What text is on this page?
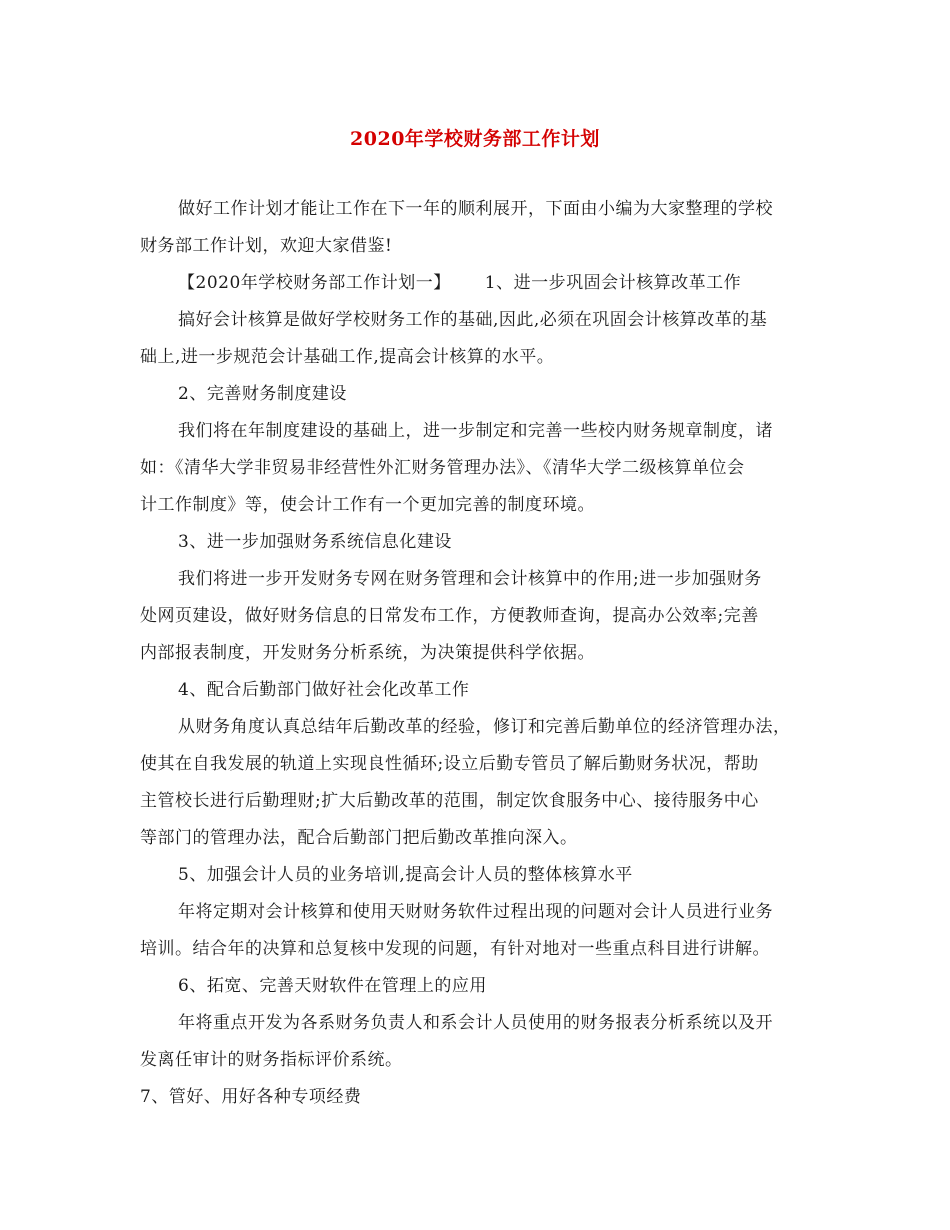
2020年学校财务部工作计划
做好工作计划才能让工作在下一年的顺利展开，下面由小编为大家整理的学校
财务部工作计划，欢迎大家借鉴!
【2020年学校财务部工作计划一】 1、进一步巩固会计核算改革工作
搞好会计核算是做好学校财务工作的基础,因此,必须在巩固会计核算改革的基
础上,进一步规范会计基础工作,提高会计核算的水平。
2、完善财务制度建设
我们将在年制度建设的基础上，进一步制定和完善一些校内财务规章制度，诸
如：《清华大学非贸易非经营性外汇财务管理办法》、《清华大学二级核算单位会
计工作制度》等，使会计工作有一个更加完善的制度环境。
3、进一步加强财务系统信息化建设
我们将进一步开发财务专网在财务管理和会计核算中的作用;进一步加强财务
处网页建设，做好财务信息的日常发布工作，方便教师查询，提高办公效率;完善
内部报表制度，开发财务分析系统，为决策提供科学依据。
4、配合后勤部门做好社会化改革工作
从财务角度认真总结年后勤改革的经验，修订和完善后勤单位的经济管理办法，
使其在自我发展的轨道上实现良性循环;设立后勤专管员了解后勤财务状况，帮助
主管校长进行后勤理财;扩大后勤改革的范围，制定饮食服务中心、接待服务中心
等部门的管理办法，配合后勤部门把后勤改革推向深入。
5、加强会计人员的业务培训,提高会计人员的整体核算水平
年将定期对会计核算和使用天财财务软件过程出现的问题对会计人员进行业务
培训。结合年的决算和总复核中发现的问题，有针对地对一些重点科目进行讲解。
6、拓宽、完善天财软件在管理上的应用
年将重点开发为各系财务负责人和系会计人员使用的财务报表分析系统以及开
发离任审计的财务指标评价系统。
7、管好、用好各种专项经费
